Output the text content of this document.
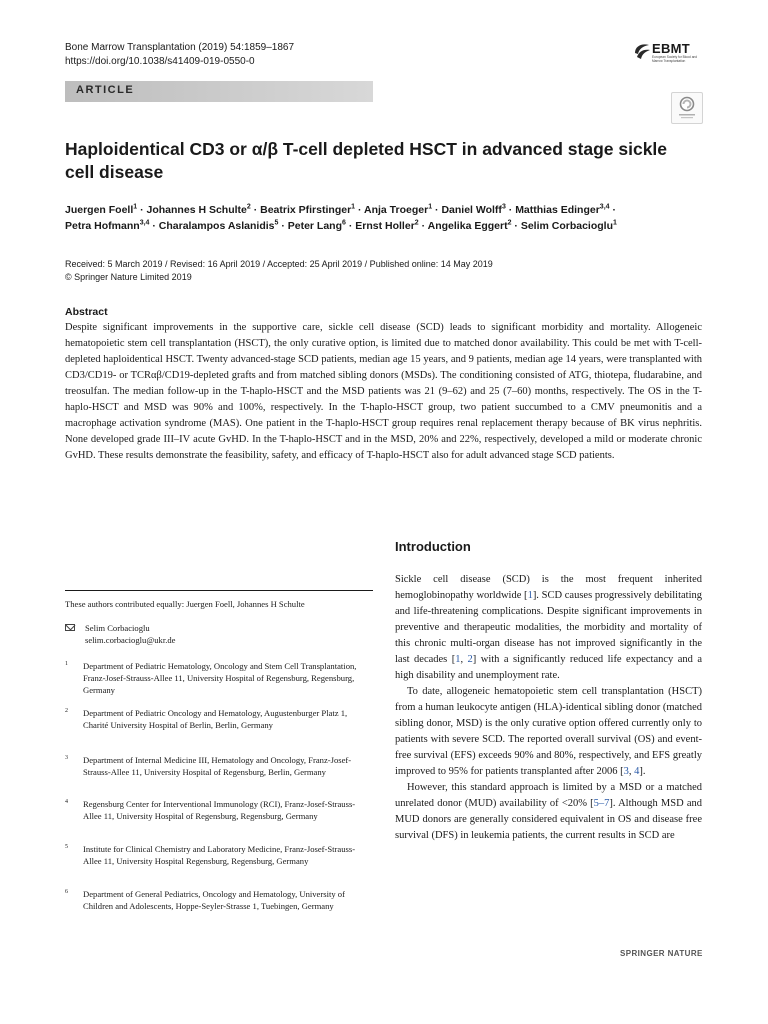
Bone Marrow Transplantation (2019) 54:1859–1867
https://doi.org/10.1038/s41409-019-0550-0
EBMT
European Society for Blood and Marrow Transplantation
ARTICLE
Haploidentical CD3 or α/β T-cell depleted HSCT in advanced stage sickle cell disease
Juergen Foell$^1$ · Johannes H Schulte$^2$ · Beatrix Pfirstinger$^1$ · Anja Troeger$^1$ · Daniel Wolff$^3$ · Matthias Edinger$^{3,4}$ ·
Petra Hofmann$^{3,4}$ · Charalampos Aslanidis$^5$ · Peter Lang$^6$ · Ernst Holler$^2$ · Angelika Eggert$^2$ · Selim Corbacioglu$^1$
Received: 5 March 2019 / Revised: 16 April 2019 / Accepted: 25 April 2019 / Published online: 14 May 2019
© Springer Nature Limited 2019
Abstract
Despite significant improvements in the supportive care, sickle cell disease (SCD) leads to significant morbidity and mortality. Allogeneic hematopoietic stem cell transplantation (HSCT), the only curative option, is limited due to matched donor availability. This could be met with T-cell-depleted haploidentical HSCT. Twenty advanced-stage SCD patients, median age 15 years, and 9 patients, median age 14 years, were transplanted with CD3/CD19- or TCRαβ/CD19-depleted grafts and from matched sibling donors (MSDs). The conditioning consisted of ATG, thiotepa, fludarabine, and treosulfan. The median follow-up in the T-haplo-HSCT and the MSD patients was 21 (9–62) and 25 (7–60) months, respectively. The OS in the T-haplo-HSCT and MSD was 90% and 100%, respectively. In the T-haplo-HSCT group, two patient succumbed to a CMV pneumonitis and a macrophage activation syndrome (MAS). One patient in the T-haplo-HSCT group requires renal replacement therapy because of BK virus nephritis. None developed grade III–IV acute GvHD. In the T-haplo-HSCT and in the MSD, 20% and 22%, respectively, developed a mild or moderate chronic GvHD. These results demonstrate the feasibility, safety, and efficacy of T-haplo-HSCT also for adult advanced stage SCD patients.
Introduction

Sickle cell disease (SCD) is the most frequent inherited hemoglobinopathy worldwide [1]. SCD causes progressively debilitating and life-threatening complications. Despite significant improvements in preventive and therapeutic modalities, the morbidity and mortality of this chronic multi-organ disease has not improved significantly in the last decades [1, 2] with a significantly reduced life expectancy and a high disability and unemployment rate.

To date, allogeneic hematopoietic stem cell transplantation (HSCT) from a human leukocyte antigen (HLA)-identical sibling donor (matched sibling donor, MSD) is the only curative option offered currently only to patients with severe SCD. The reported overall survival (OS) and event-free survival (EFS) exceeds 90% and 80%, respectively, and EFS greatly improved to 95% for patients transplanted after 2006 [3, 4].

However, this standard approach is limited by a MSD or a matched unrelated donor (MUD) availability of <20% [5–7]. Although MSD and MUD donors are generally considered equivalent in OS and disease free survival (DFS) in leukemia patients, the current results in SCD are

These authors contributed equally: Juergen Foell, Johannes H Schulte
Selim Corbacioglu
selim.corbacioglu@ukr.de
1 Department of Pediatric Hematology, Oncology and Stem Cell Transplantation, Franz-Josef-Strauss-Allee 11, University Hospital of Regensburg, Regensburg, Germany
2 Department of Pediatric Oncology and Hematology, Augustenburger Platz 1, Charité University Hospital of Berlin, Berlin, Germany
3 Department of Internal Medicine III, Hematology and Oncology, Franz-Josef-Strauss-Allee 11, University Hospital of Regensburg, Berlin, Germany
4 Regensburg Center for Interventional Immunology (RCI), Franz-Josef-Strauss-Allee 11, University Hospital of Regensburg, Regensburg, Germany
5 Institute for Clinical Chemistry and Laboratory Medicine, Franz-Josef-Strauss-Allee 11, University Hospital Regensburg, Regensburg, Germany
6 Department of General Pediatrics, Oncology and Hematology, University of Children and Adolescents, Hoppe-Seyler-Strasse 1, Tuebingen, Germany
SPRINGER NATURE
